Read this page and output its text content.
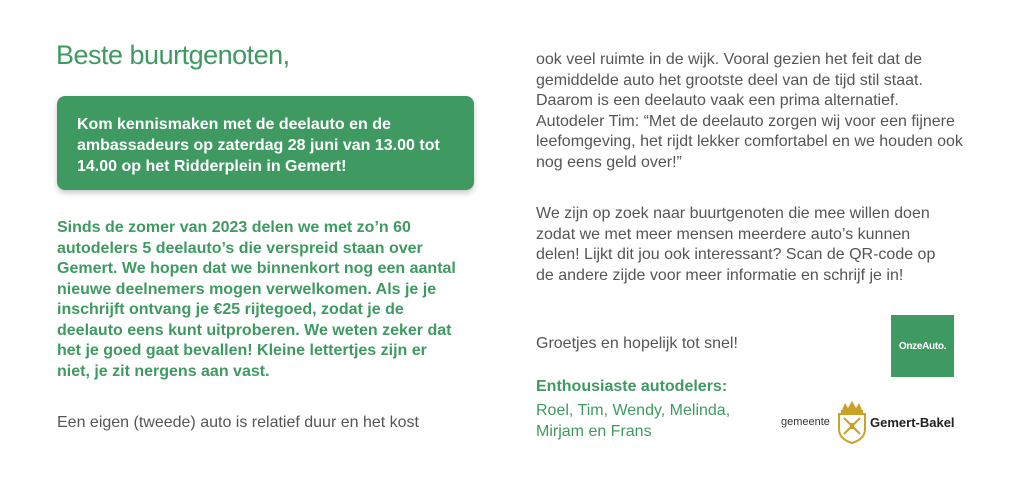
Beste buurtgenoten,

Kom kennismaken met de deelauto en de ambassadeurs op zaterdag 28 juni van 13.00 tot 14.00 op het Ridderplein in Gemert!

Sinds de zomer van 2023 delen we met zo’n 60 autodelers 5 deelauto’s die verspreid staan over Gemert. We hopen dat we binnenkort nog een aantal nieuwe deelnemers mogen verwelkomen. Als je je inschrijft ontvang je €25 rijtegoed, zodat je de deelauto eens kunt uitproberen. We weten zeker dat het je goed gaat bevallen! Kleine lettertjes zijn er niet, je zit nergens aan vast.

Een eigen (tweede) auto is relatief duur en het kost

ook veel ruimte in de wijk. Vooral gezien het feit dat de gemiddelde auto het grootste deel van de tijd stil staat. Daarom is een deelauto vaak een prima alternatief. Autodeler Tim: “Met de deelauto zorgen wij voor een fijnere leefomgeving, het rijdt lekker comfortabel en we houden ook nog eens geld over!”

We zijn op zoek naar buurtgenoten die mee willen doen zodat we met meer mensen meerdere auto’s kunnen delen! Lijkt dit jou ook interessant? Scan de QR-code op de andere zijde voor meer informatie en schrijf je in!

Groetjes en hopelijk tot snel!

Enthousiaste autodelers:

Roel, Tim, Wendy, Melinda, Mirjam en Frans

OnzeAuto.
gemeente	Gemert-Bakel
